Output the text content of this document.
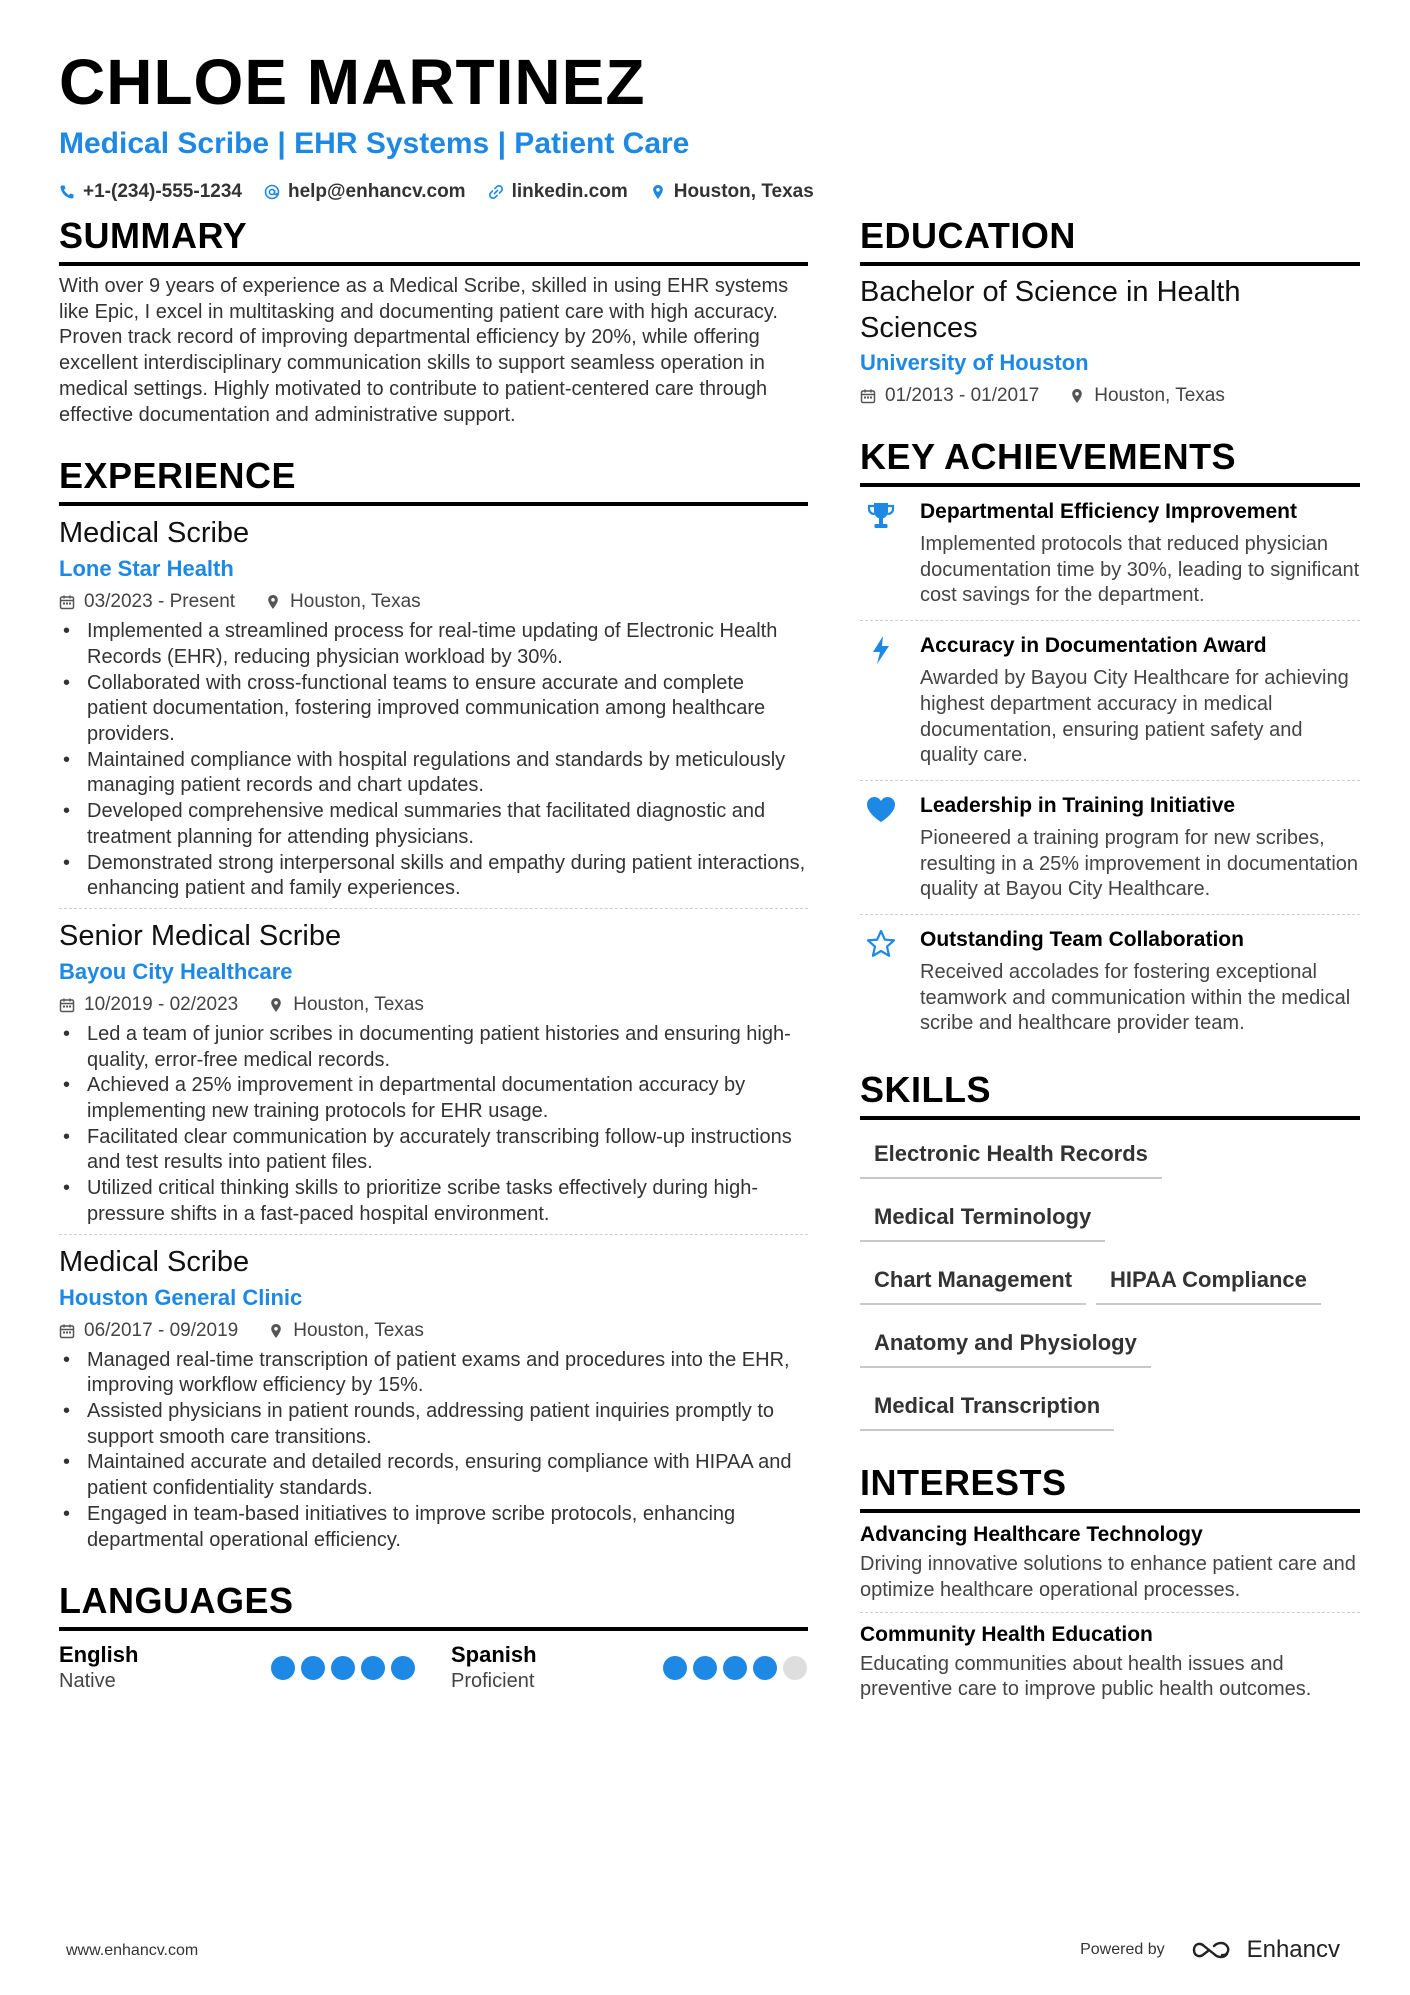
CHLOE MARTINEZ
Medical Scribe | EHR Systems | Patient Care
+1-(234)-555-1234 help@enhancv.com linkedin.com Houston, Texas
SUMMARY
With over 9 years of experience as a Medical Scribe, skilled in using EHR systems like Epic, I excel in multitasking and documenting patient care with high accuracy. Proven track record of improving departmental efficiency by 20%, while offering excellent interdisciplinary communication skills to support seamless operation in medical settings. Highly motivated to contribute to patient-centered care through effective documentation and administrative support.
EXPERIENCE
Medical Scribe
Lone Star Health
03/2023 - Present	Houston, Texas
• Implemented a streamlined process for real-time updating of Electronic Health Records (EHR), reducing physician workload by 30%.
• Collaborated with cross-functional teams to ensure accurate and complete patient documentation, fostering improved communication among healthcare providers.
• Maintained compliance with hospital regulations and standards by meticulously managing patient records and chart updates.
• Developed comprehensive medical summaries that facilitated diagnostic and treatment planning for attending physicians.
• Demonstrated strong interpersonal skills and empathy during patient interactions, enhancing patient and family experiences.
Senior Medical Scribe
Bayou City Healthcare
10/2019 - 02/2023	Houston, Texas
• Led a team of junior scribes in documenting patient histories and ensuring high-quality, error-free medical records.
• Achieved a 25% improvement in departmental documentation accuracy by implementing new training protocols for EHR usage.
• Facilitated clear communication by accurately transcribing follow-up instructions and test results into patient files.
• Utilized critical thinking skills to prioritize scribe tasks effectively during high-pressure shifts in a fast-paced hospital environment.
Medical Scribe
Houston General Clinic
06/2017 - 09/2019	Houston, Texas
• Managed real-time transcription of patient exams and procedures into the EHR, improving workflow efficiency by 15%.
• Assisted physicians in patient rounds, addressing patient inquiries promptly to support smooth care transitions.
• Maintained accurate and detailed records, ensuring compliance with HIPAA and patient confidentiality standards.
• Engaged in team-based initiatives to improve scribe protocols, enhancing departmental operational efficiency.
LANGUAGES
English
Native
Spanish
Proficient
EDUCATION
Bachelor of Science in Health Sciences
University of Houston
01/2013 - 01/2017	Houston, Texas
KEY ACHIEVEMENTS
Departmental Efficiency Improvement
Implemented protocols that reduced physician documentation time by 30%, leading to significant cost savings for the department.
Accuracy in Documentation Award
Awarded by Bayou City Healthcare for achieving highest department accuracy in medical documentation, ensuring patient safety and quality care.
Leadership in Training Initiative
Pioneered a training program for new scribes, resulting in a 25% improvement in documentation quality at Bayou City Healthcare.
Outstanding Team Collaboration
Received accolades for fostering exceptional teamwork and communication within the medical scribe and healthcare provider team.
SKILLS
Electronic Health Records
Medical Terminology
Chart Management	HIPAA Compliance
Anatomy and Physiology
Medical Transcription
INTERESTS
Advancing Healthcare Technology
Driving innovative solutions to enhance patient care and optimize healthcare operational processes.
Community Health Education
Educating communities about health issues and preventive care to improve public health outcomes.
www.enhancv.com	Powered by	Enhancv
